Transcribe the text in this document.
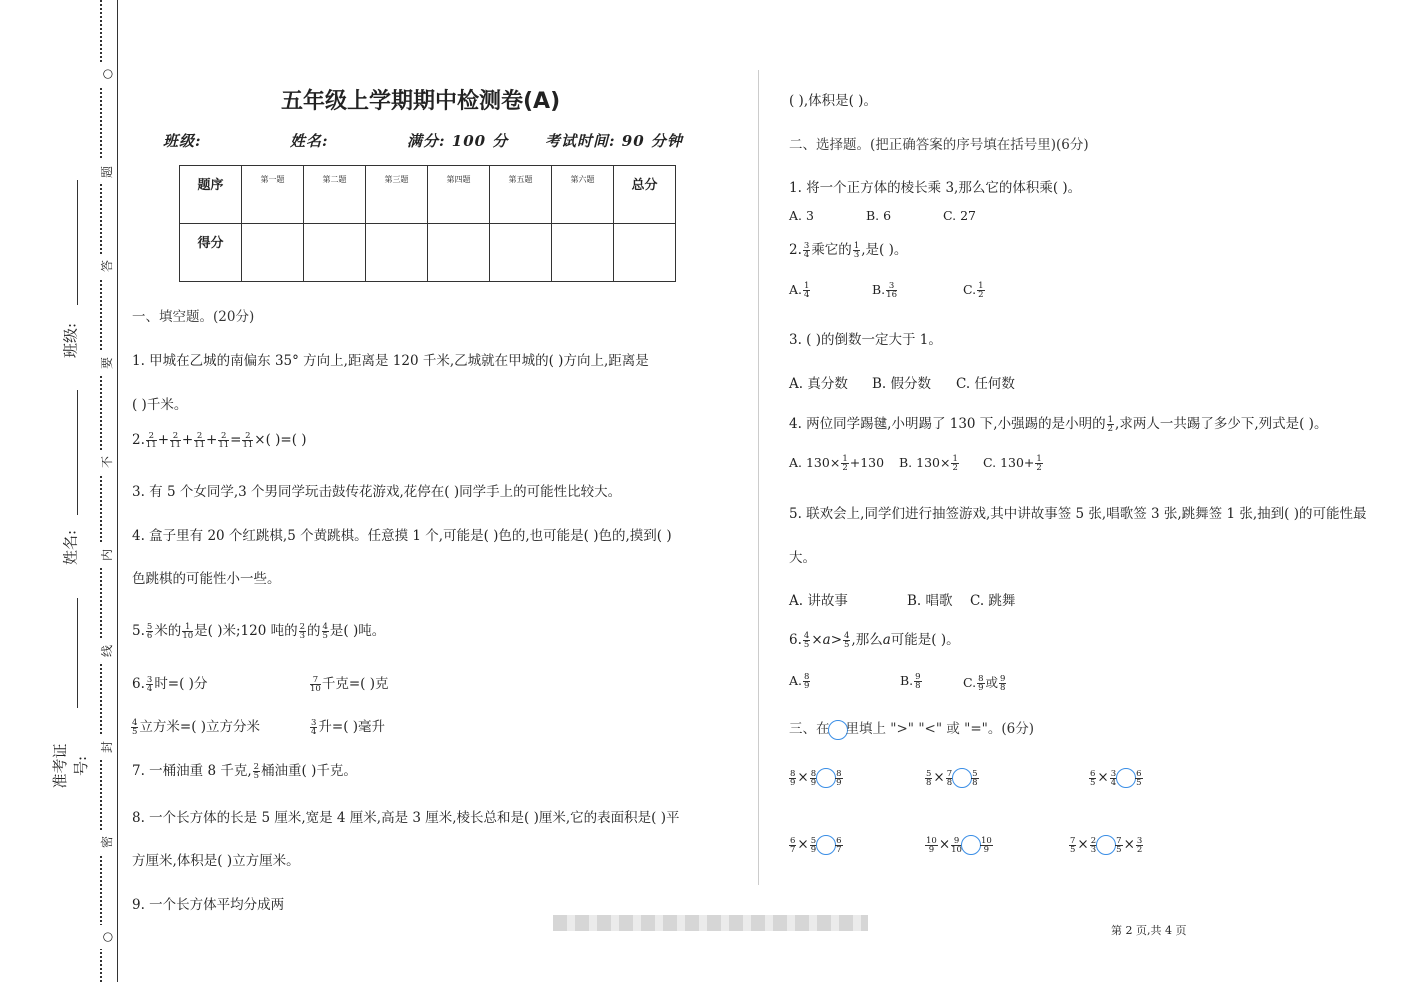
○
题
答
要
不
内
线
封
密
○
班级:
姓名:
准考证号:
五年级上学期期中检测卷(A)
班级:	姓名:	满分: 100 分 考试时间: 90 分钟
题序	第一题	第二题	第三题	第四题	第五题	第六题	总分
得分							
一、填空题。(20分)
1. 甲城在乙城的南偏东 35° 方向上,距离是 120 千米,乙城就在甲城的( )方向上,距离是
( )千米。
2. $\frac{2}{11} + \frac{2}{11} + \frac{2}{11} + \frac{2}{11} = \frac{2}{11}$ ×( )=( )
3. 有 5 个女同学,3 个男同学玩击鼓传花游戏,花停在( )同学手上的可能性比较大。
4. 盒子里有 20 个红跳棋,5 个黄跳棋。任意摸 1 个,可能是( )色的,也可能是( )色的,摸到( )
色跳棋的可能性小一些。
5. $\frac{5}{6}$ 米的 $\frac{1}{10}$ 是( )米;120 吨的 $\frac{2}{3}$ 的 $\frac{4}{5}$ 是( )吨。
6. $\frac{3}{4}$ 时=( )分	$\frac{7}{10}$ 千克=( )克
$\frac{4}{5}$ 立方米=( )立方分米	$\frac{3}{4}$ 升=( )毫升
7. 一桶油重 8 千克, $\frac{2}{5}$ 桶油重( )千克。
8. 一个长方体的长是 5 厘米,宽是 4 厘米,高是 3 厘米,棱长总和是( )厘米,它的表面积是( )平
方厘米,体积是( )立方厘米。
9. 一个长方体平均分成两
( ),体积是( )。
二、选择题。(把正确答案的序号填在括号里)(6分)
1. 将一个正方体的棱长乘 3,那么它的体积乘( )。
A. 3	B. 6	C. 27
2. $\frac{3}{4}$ 乘它的 $\frac{1}{3}$ ,是( )。
A. $\frac{1}{4}$	B. $\frac{3}{16}$	C. $\frac{1}{2}$
3. ( )的倒数一定大于 1。
A. 真分数 B. 假分数 C. 任何数
4. 两位同学踢毽,小明踢了 130 下,小强踢的是小明的 $\frac{1}{2}$ ,求两人一共踢了多少下,列式是( )。
A. $130\times \frac{1}{2} +130$ B. $130\times \frac{1}{2} C$. $130+ \frac{1}{2}$
5. 联欢会上,同学们进行抽签游戏,其中讲故事签 5 张,唱歌签 3 张,跳舞签 1 张,抽到( )的可能性最
大。
A. 讲故事	B. 唱歌 C. 跳舞
6. $\frac{4}{5} \times a> \frac{4}{5}$ ,那么a可能是( )。
A. $\frac{8}{9}$	B. $\frac{9}{8}$	C. $\frac{8}{9}$ 或 $\frac{9}{8}$
三、在 里填上 ">" "<" 或 "="。(6分)
$\frac{8}{9} \times \frac{8}{9} \frac{8}{9}$	$\frac{5}{8} \times \frac{7}{8} \frac{5}{8}$	$\frac{6}{5} \times \frac{3}{4} \frac{6}{5}$
$\frac{6}{7} \times \frac{5}{9} \frac{6}{7}$	$\frac{10}{9} \times \frac{9}{10} \frac{10}{9}$	$\frac{7}{5} \times \frac{2}{3} \frac{7}{5} \times \frac{3}{2}$
第 2 页,共 4 页
